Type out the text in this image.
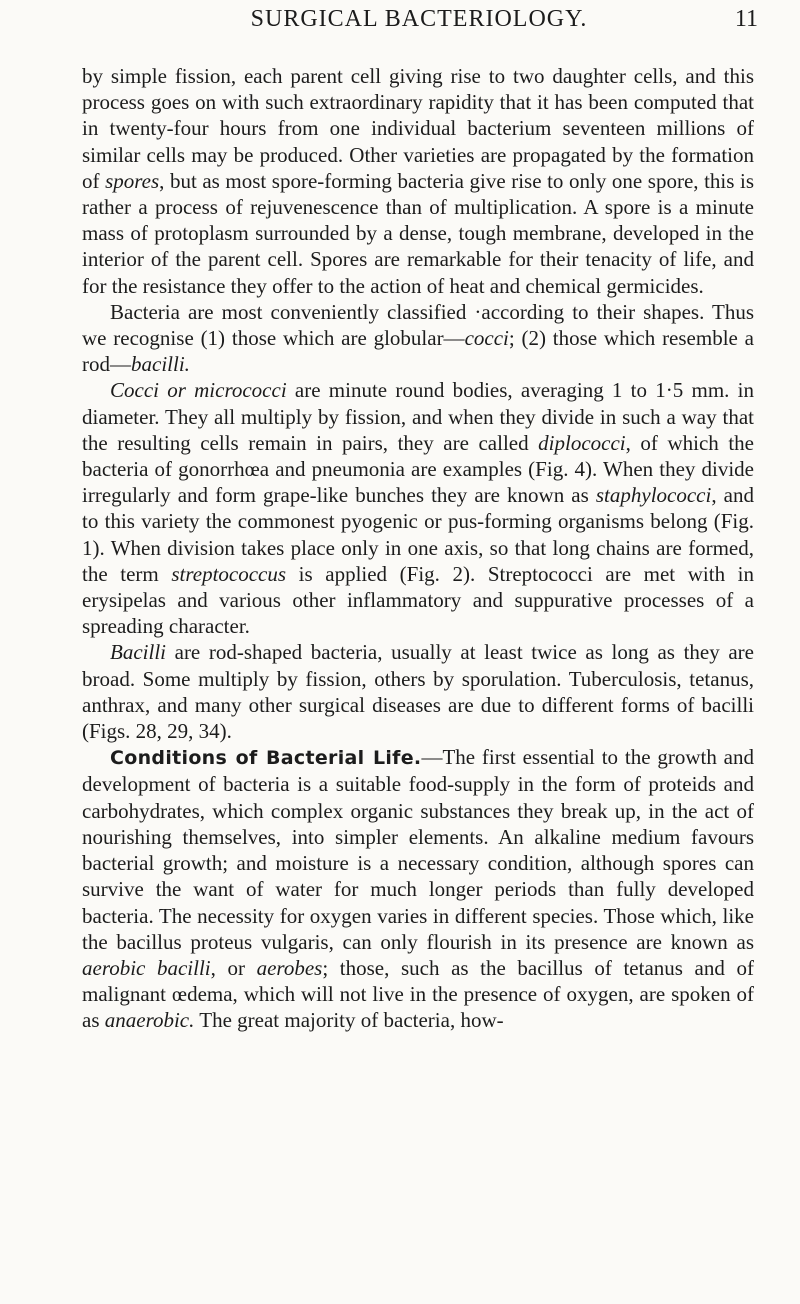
SURGICAL BACTERIOLOGY.	11

by simple fission, each parent cell giving rise to two daughter cells, and this process goes on with such extraordinary rapidity that it has been computed that in twenty-four hours from one individual bacterium seventeen millions of similar cells may be produced. Other varieties are propagated by the formation of spores, but as most spore-forming bacteria give rise to only one spore, this is rather a process of rejuvenescence than of multiplication. A spore is a minute mass of protoplasm surrounded by a dense, tough membrane, developed in the interior of the parent cell. Spores are remarkable for their tenacity of life, and for the resistance they offer to the action of heat and chemical germicides.

Bacteria are most conveniently classified ·according to their shapes. Thus we recognise (1) those which are globular—cocci; (2) those which resemble a rod—bacilli.

Cocci or micrococci are minute round bodies, averaging 1 to 1·5 mm. in diameter. They all multiply by fission, and when they divide in such a way that the resulting cells remain in pairs, they are called diplococci, of which the bacteria of gonorrhœa and pneumonia are examples (Fig. 4). When they divide irregularly and form grape-like bunches they are known as staphylococci, and to this variety the commonest pyogenic or pus-forming organisms belong (Fig. 1). When division takes place only in one axis, so that long chains are formed, the term streptococcus is applied (Fig. 2). Streptococci are met with in erysipelas and various other inflammatory and suppurative processes of a spreading character.

Bacilli are rod-shaped bacteria, usually at least twice as long as they are broad. Some multiply by fission, others by sporulation. Tuberculosis, tetanus, anthrax, and many other surgical diseases are due to different forms of bacilli (Figs. 28, 29, 34).

Conditions of Bacterial Life.—The first essential to the growth and development of bacteria is a suitable food-supply in the form of proteids and carbohydrates, which complex organic substances they break up, in the act of nourishing themselves, into simpler elements. An alkaline medium favours bacterial growth; and moisture is a necessary condition, although spores can survive the want of water for much longer periods than fully developed bacteria. The necessity for oxygen varies in different species. Those which, like the bacillus proteus vulgaris, can only flourish in its presence are known as aerobic bacilli, or aerobes; those, such as the bacillus of tetanus and of malignant œdema, which will not live in the presence of oxygen, are spoken of as anaerobic. The great majority of bacteria, how-
